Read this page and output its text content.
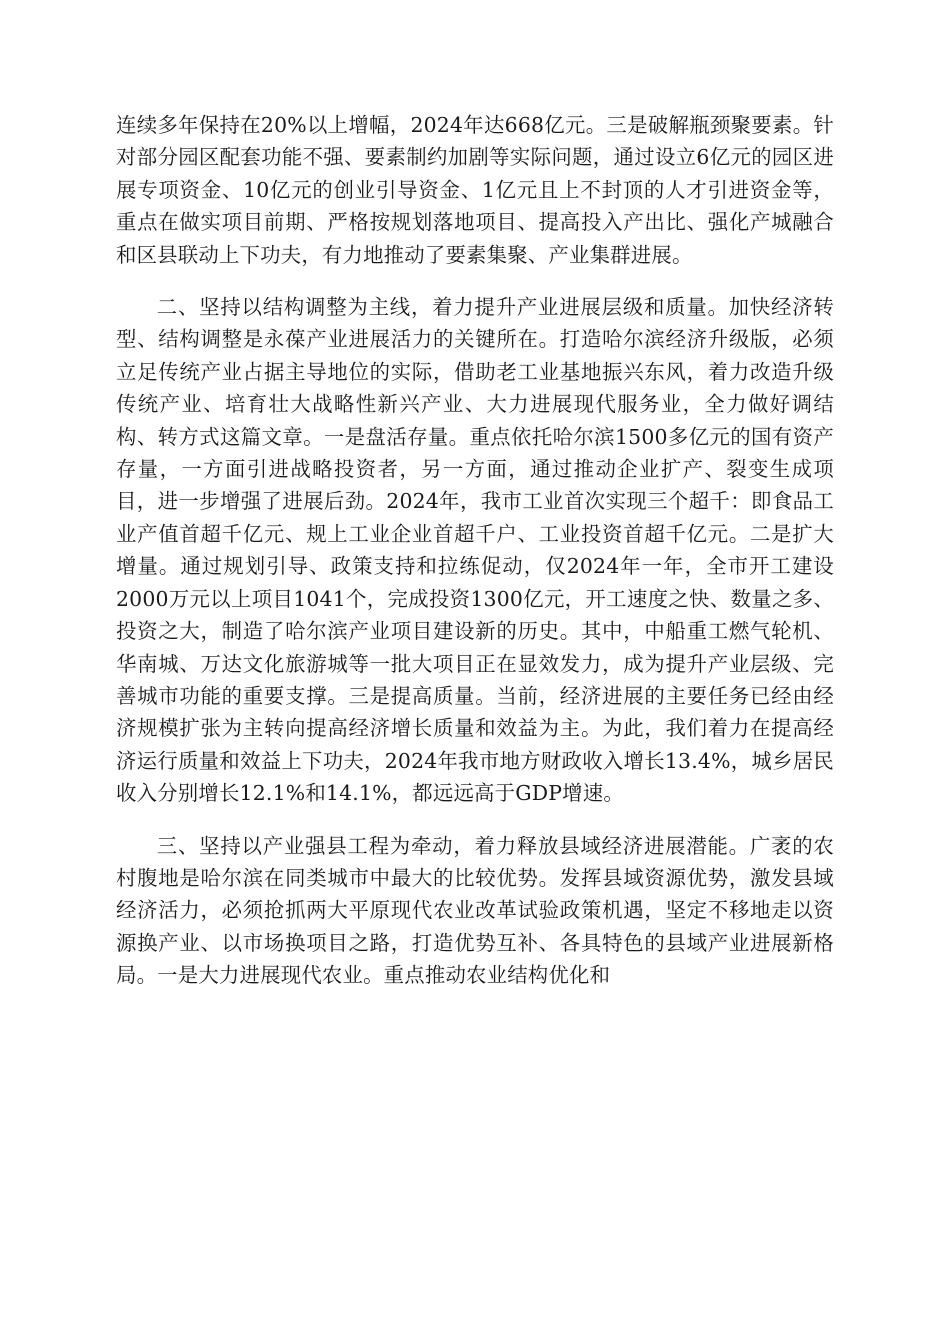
连续多年保持在20%以上增幅，2024年达668亿元。三是破解瓶颈聚要素。针对部分园区配套功能不强、要素制约加剧等实际问题，通过设立6亿元的园区进展专项资金、10亿元的创业引导资金、1亿元且上不封顶的人才引进资金等，重点在做实项目前期、严格按规划落地项目、提高投入产出比、强化产城融合和区县联动上下功夫，有力地推动了要素集聚、产业集群进展。

二、坚持以结构调整为主线，着力提升产业进展层级和质量。加快经济转型、结构调整是永葆产业进展活力的关键所在。打造哈尔滨经济升级版，必须立足传统产业占据主导地位的实际，借助老工业基地振兴东风，着力改造升级传统产业、培育壮大战略性新兴产业、大力进展现代服务业，全力做好调结构、转方式这篇文章。一是盘活存量。重点依托哈尔滨1500多亿元的国有资产存量，一方面引进战略投资者，另一方面，通过推动企业扩产、裂变生成项目，进一步增强了进展后劲。2024年，我市工业首次实现三个超千：即食品工业产值首超千亿元、规上工业企业首超千户、工业投资首超千亿元。二是扩大增量。通过规划引导、政策支持和拉练促动，仅2024年一年，全市开工建设2000万元以上项目1041个，完成投资1300亿元，开工速度之快、数量之多、投资之大，制造了哈尔滨产业项目建设新的历史。其中，中船重工燃气轮机、华南城、万达文化旅游城等一批大项目正在显效发力，成为提升产业层级、完善城市功能的重要支撑。三是提高质量。当前，经济进展的主要任务已经由经济规模扩张为主转向提高经济增长质量和效益为主。为此，我们着力在提高经济运行质量和效益上下功夫，2024年我市地方财政收入增长13.4%，城乡居民收入分别增长12.1%和14.1%，都远远高于GDP增速。

三、坚持以产业强县工程为牵动，着力释放县域经济进展潜能。广袤的农村腹地是哈尔滨在同类城市中最大的比较优势。发挥县域资源优势，激发县域经济活力，必须抢抓两大平原现代农业改革试验政策机遇，坚定不移地走以资源换产业、以市场换项目之路，打造优势互补、各具特色的县域产业进展新格局。一是大力进展现代农业。重点推动农业结构优化和
